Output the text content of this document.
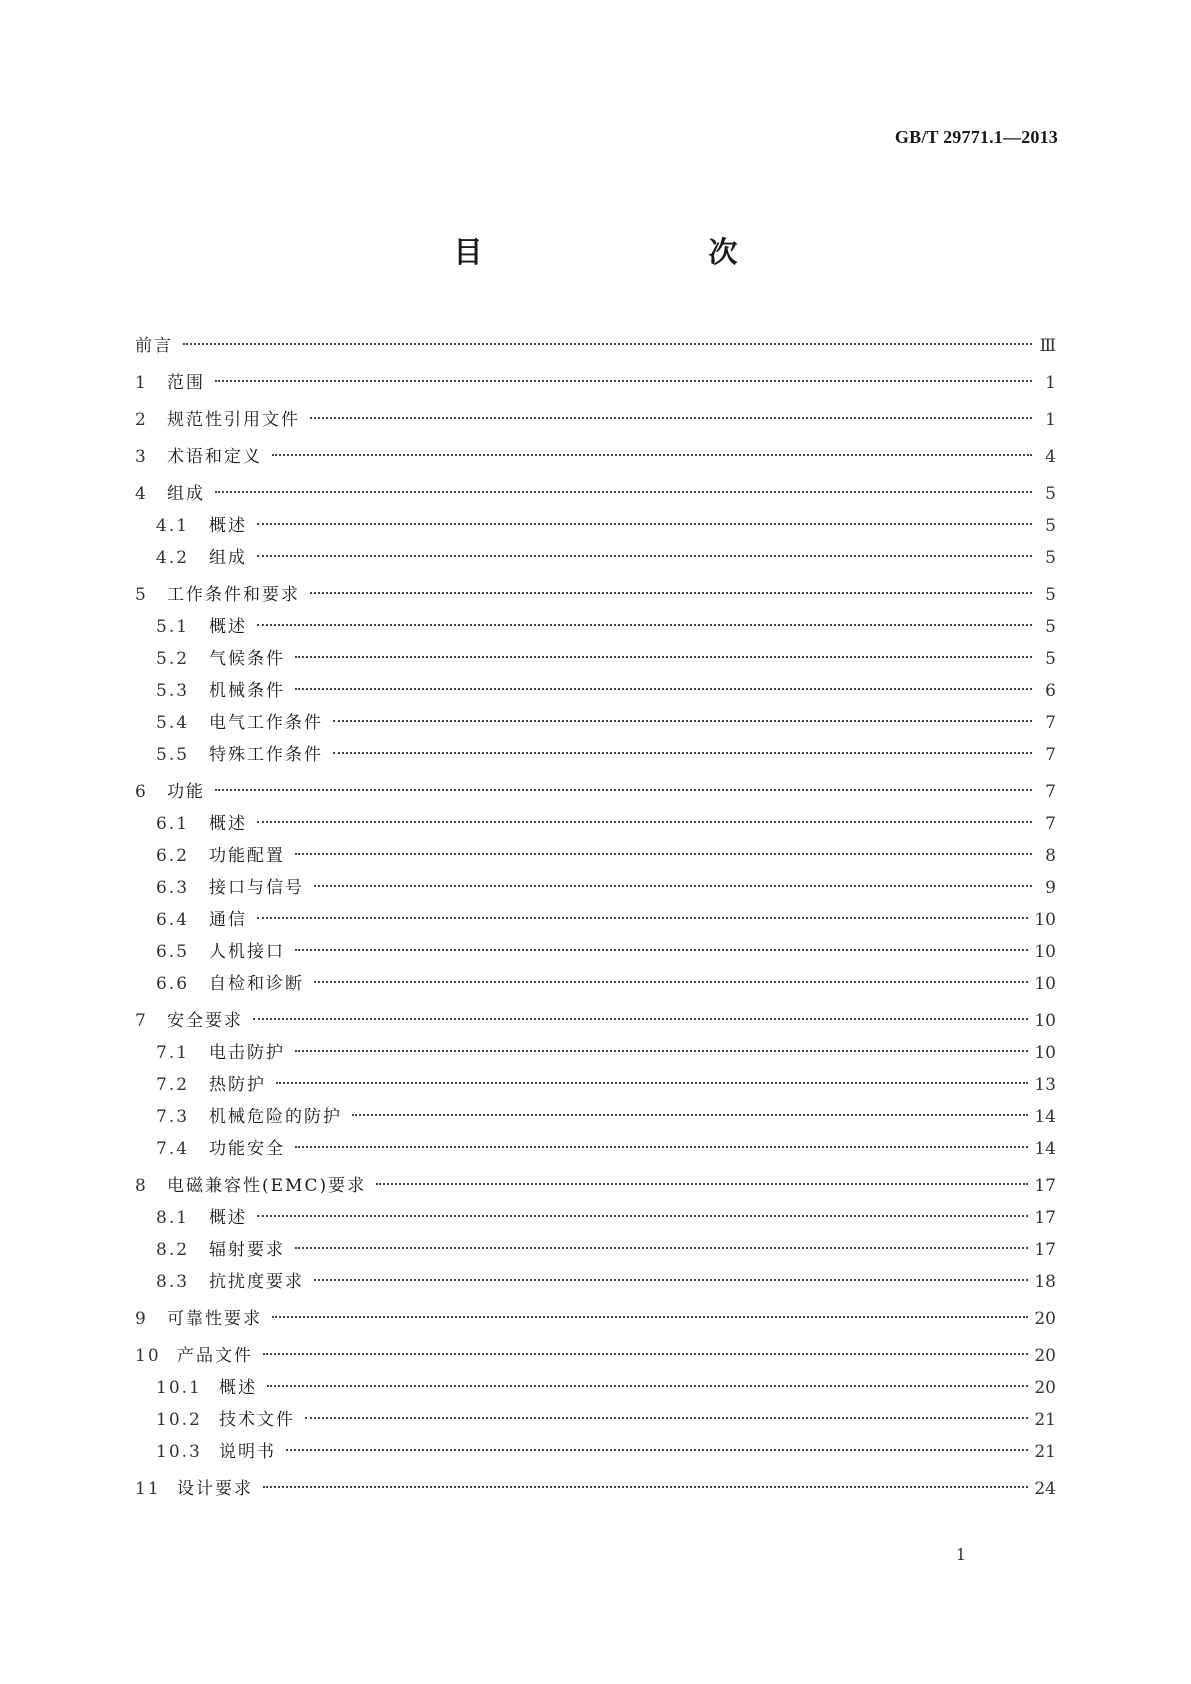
GB/T 29771.1—2013
目　　次
前言	Ⅲ
1	范围	1
2	规范性引用文件	1
3	术语和定义	4
4	组成	5
4.1	概述	5
4.2	组成	5
5	工作条件和要求	5
5.1	概述	5
5.2	气候条件	5
5.3	机械条件	6
5.4	电气工作条件	7
5.5	特殊工作条件	7
6	功能	7
6.1	概述	7
6.2	功能配置	8
6.3	接口与信号	9
6.4	通信	10
6.5	人机接口	10
6.6	自检和诊断	10
7	安全要求	10
7.1	电击防护	10
7.2	热防护	13
7.3	机械危险的防护	14
7.4	功能安全	14
8	电磁兼容性(EMC)要求	17
8.1	概述	17
8.2	辐射要求	17
8.3	抗扰度要求	18
9	可靠性要求	20
10 产品文件	20
10.1	概述	20
10.2	技术文件	21
10.3	说明书	21
11 设计要求	24
1
